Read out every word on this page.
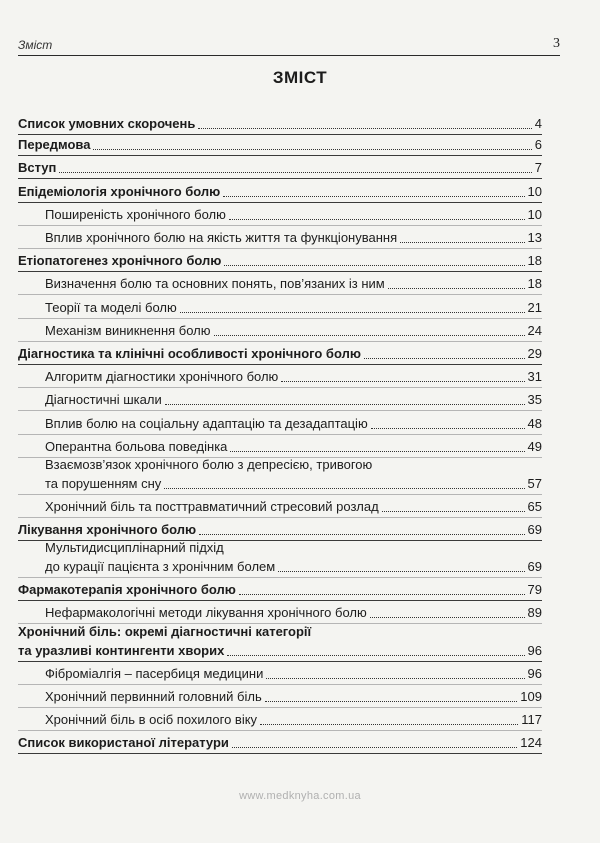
Зміст	3
ЗМІСТ
Список умовних скорочень	4
Передмова	6
Вступ	7
Епідеміологія хронічного болю	10
Поширеність хронічного болю	10
Вплив хронічного болю на якість життя та функціонування	13
Етіопатогенез хронічного болю	18
Визначення болю та основних понять, пов’язаних із ним	18
Теорії та моделі болю	21
Механізм виникнення болю	24
Діагностика та клінічні особливості хронічного болю	29
Алгоритм діагностики хронічного болю	31
Діагностичні шкали	35
Вплив болю на соціальну адаптацію та дезадаптацію	48
Оперантна больова поведінка	49
Взаємозв’язок хронічного болю з депресією, тривогою
та порушенням сну	57
Хронічний біль та посттравматичний стресовий розлад	65
Лікування хронічного болю	69
Мультидисциплінарний підхід
до курації пацієнта з хронічним болем	69
Фармакотерапія хронічного болю	79
Нефармакологічні методи лікування хронічного болю	89
Хронічний біль: окремі діагностичні категорії
та уразливі контингенти хворих	96
Фіброміалгія – пасербиця медицини	96
Хронічний первинний головний біль	109
Хронічний біль в осіб похилого віку	117
Список використаної літератури	124
www.medknyha.com.ua
